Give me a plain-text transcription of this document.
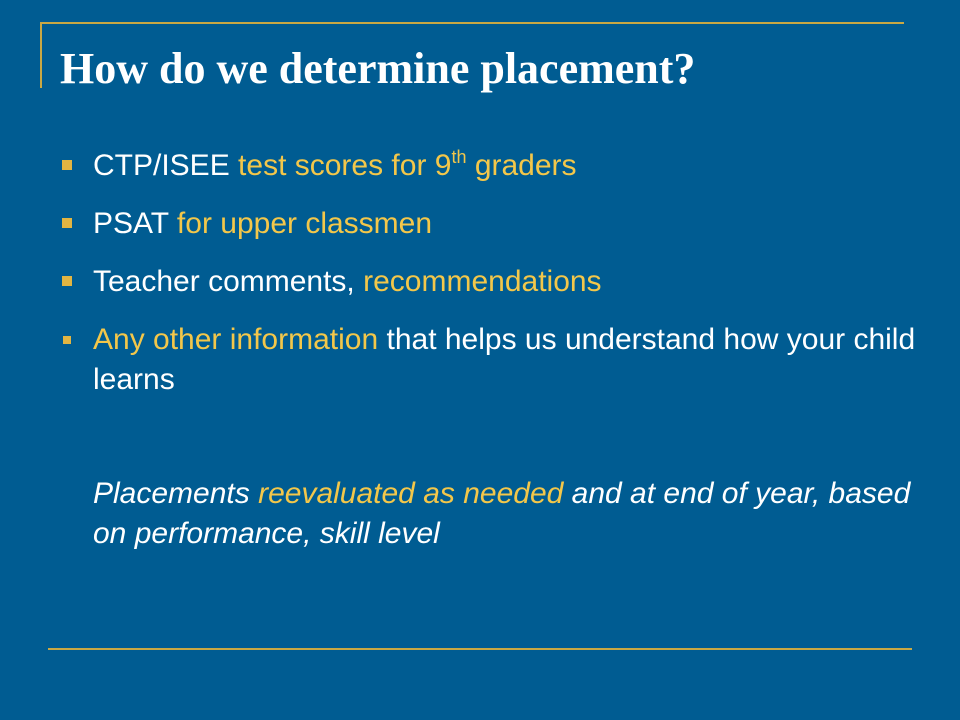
How do we determine placement?
CTP/ISEE test scores for 9th graders
PSAT for upper classmen
Teacher comments, recommendations
Any other information that helps us understand how your child learns

Placements reevaluated as needed and at end of year, based on performance, skill level
